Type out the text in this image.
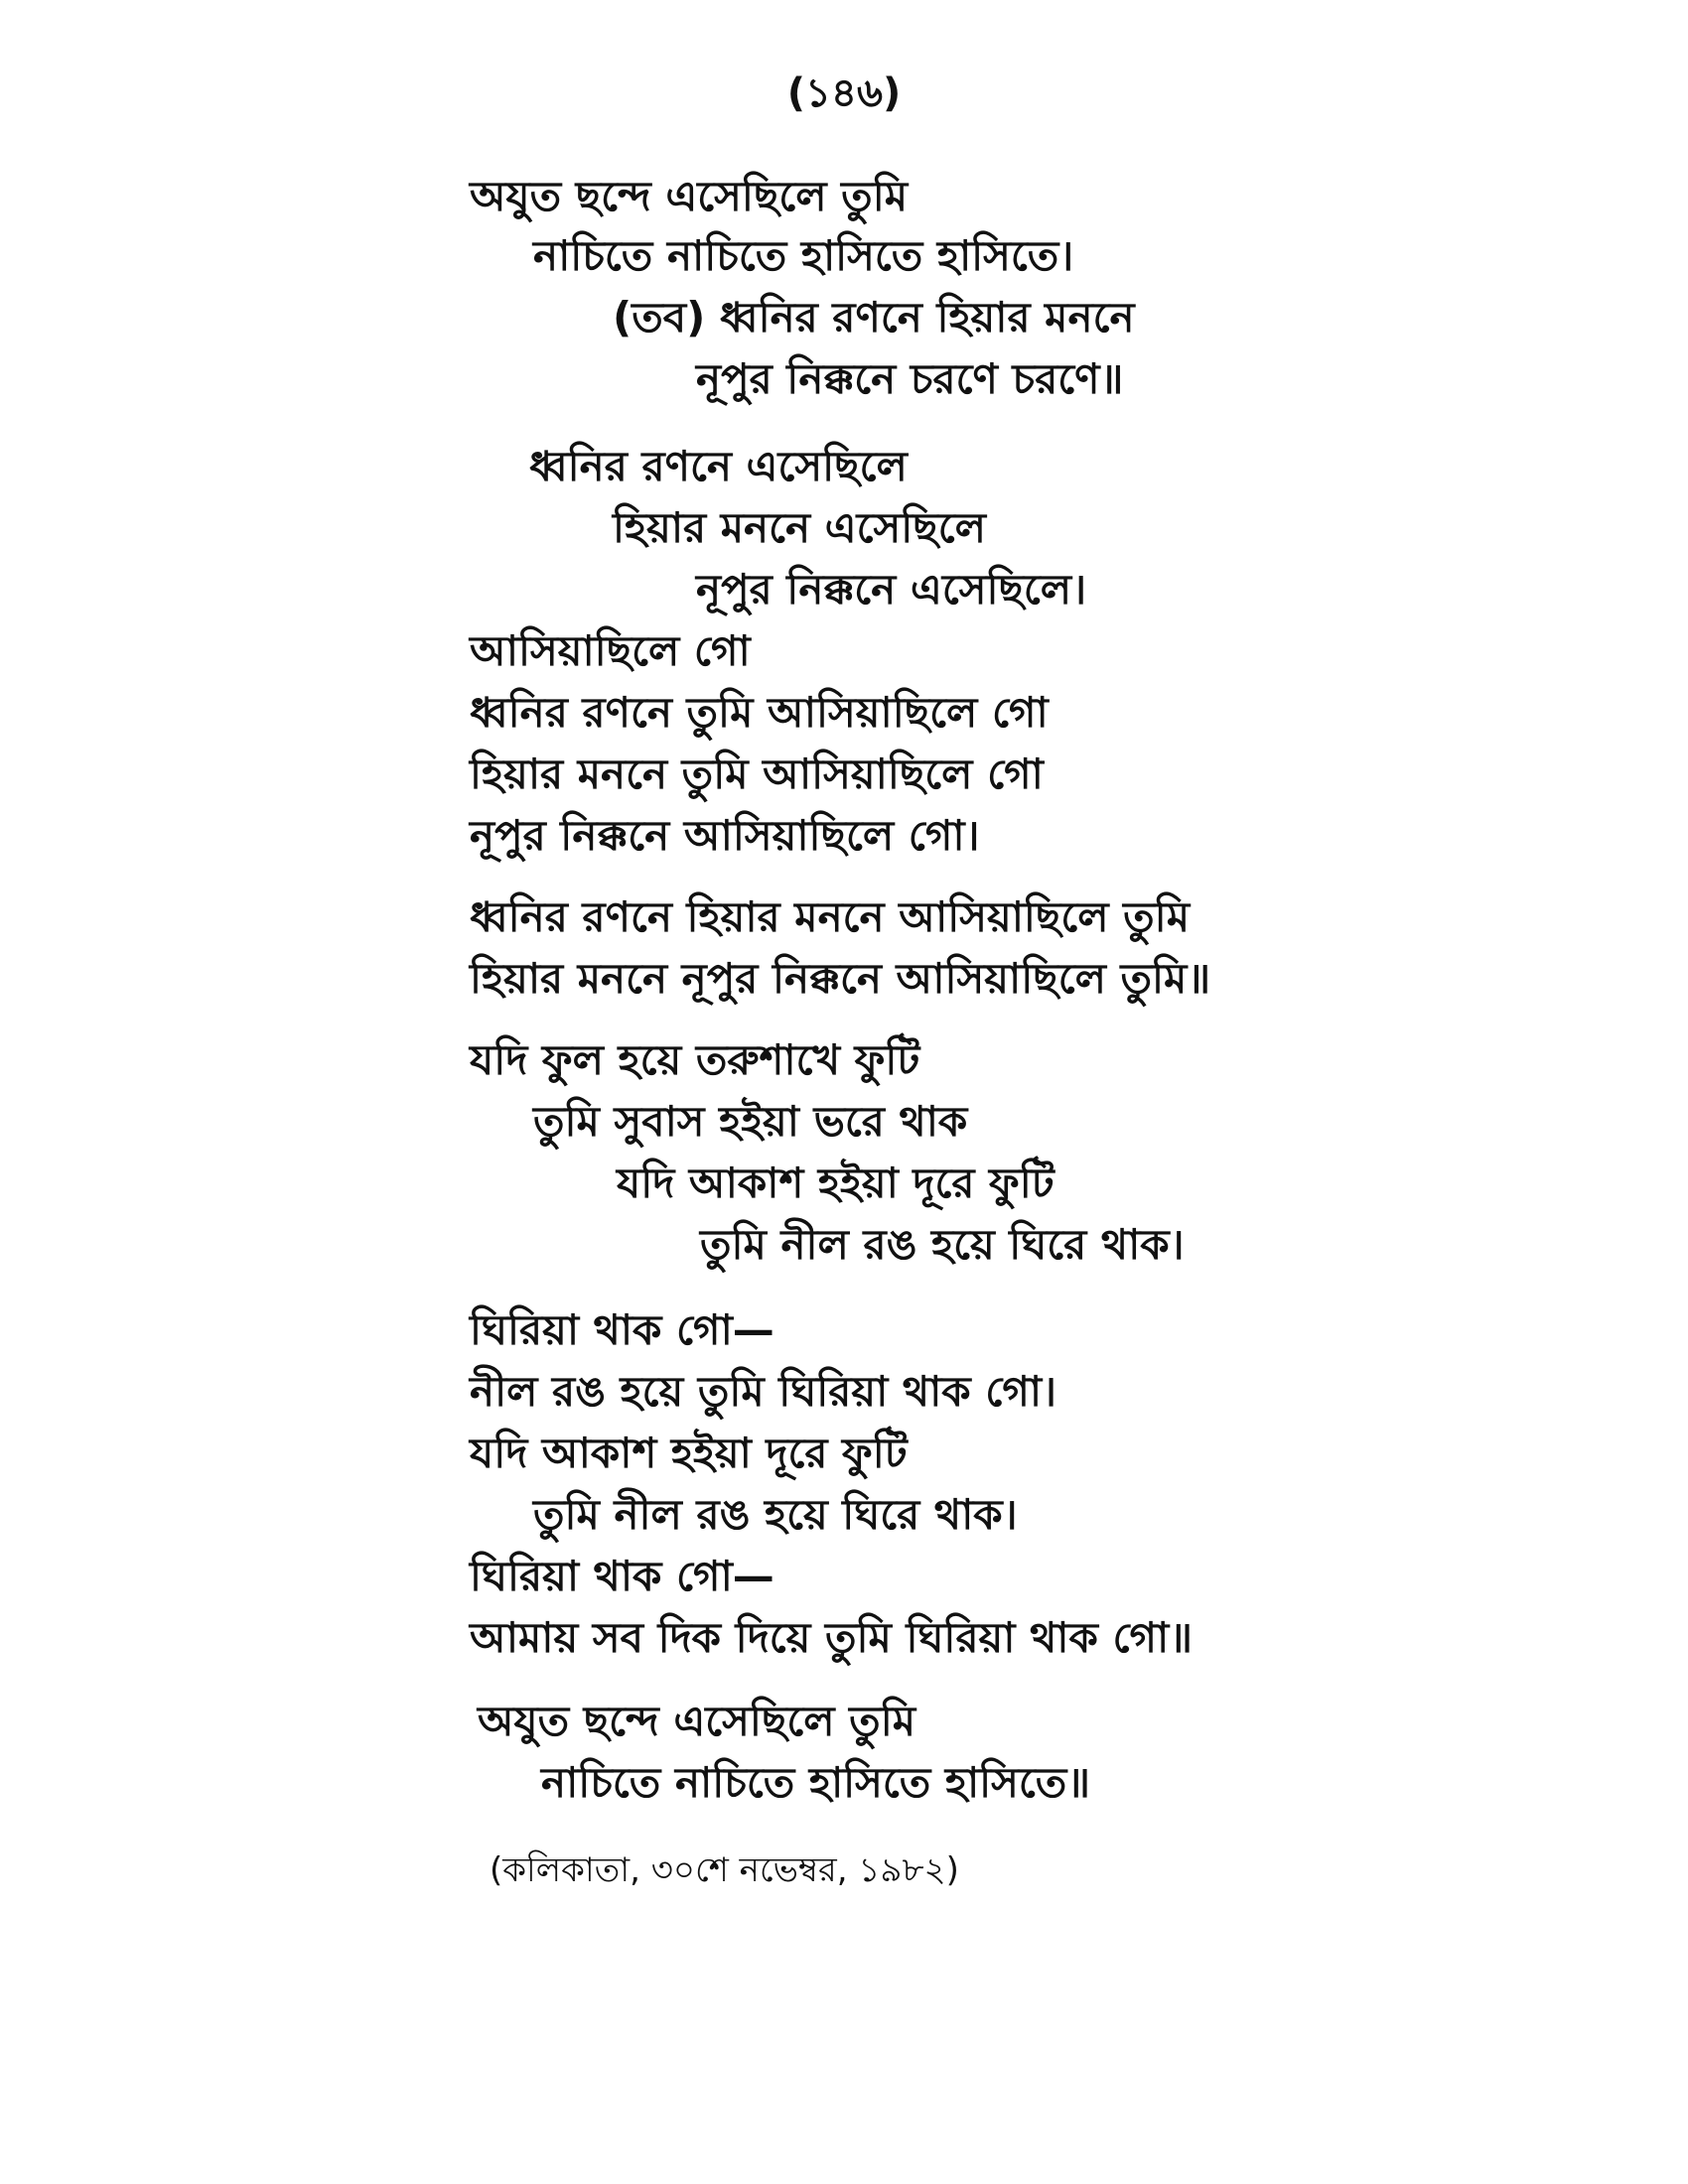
(১৪৬)
অযুত ছন্দে এসেছিলে তুমি
নাচিতে নাচিতে হাসিতে হাসিতে।
(তব) ধ্বনির রণনে হিয়ার মননে
নূপুর নিক্কনে চরণে চরণে॥
ধ্বনির রণনে এসেছিলে
হিয়ার মননে এসেছিলে
নূপুর নিক্কনে এসেছিলে।
আসিয়াছিলে গো
ধ্বনির রণনে তুমি আসিয়াছিলে গো
হিয়ার মননে তুমি আসিয়াছিলে গো
নূপুর নিক্কনে আসিয়াছিলে গো।
ধ্বনির রণনে হিয়ার মননে আসিয়াছিলে তুমি
হিয়ার মননে নূপুর নিক্কনে আসিয়াছিলে তুমি॥
যদি ফুল হয়ে তরুশাখে ফুটি
তুমি সুবাস হইয়া ভরে থাক
যদি আকাশ হইয়া দূরে ফুটি
তুমি নীল রঙ হয়ে ঘিরে থাক।
ঘিরিয়া থাক গো—
নীল রঙ হয়ে তুমি ঘিরিয়া থাক গো।
যদি আকাশ হইয়া দূরে ফুটি
তুমি নীল রঙ হয়ে ঘিরে থাক।
ঘিরিয়া থাক গো—
আমায় সব দিক দিয়ে তুমি ঘিরিয়া থাক গো॥
অযুত ছন্দে এসেছিলে তুমি
নাচিতে নাচিতে হাসিতে হাসিতে॥
(কলিকাতা, ৩০শে নভেম্বর, ১৯৮২)
